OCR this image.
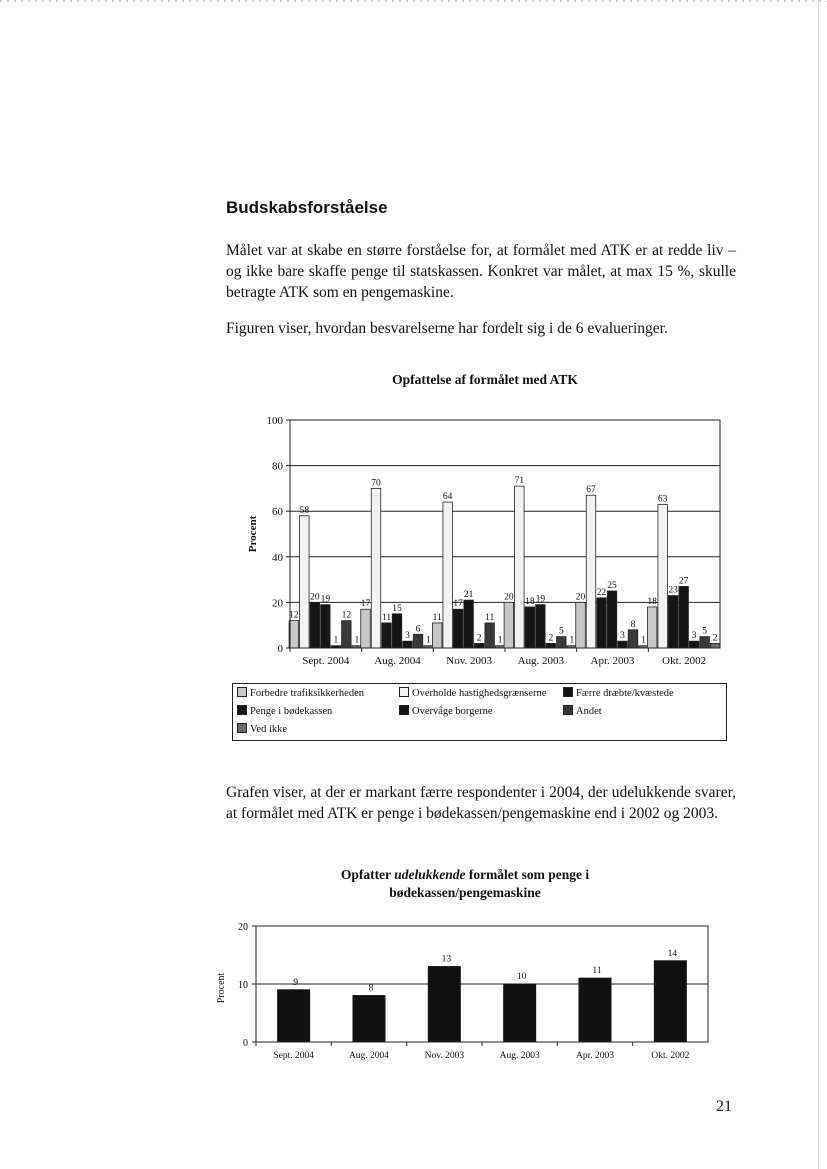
Budskabsforståelse
Målet var at skabe en større forståelse for, at formålet med ATK er at redde liv – og ikke bare skaffe penge til statskassen. Konkret var målet, at max 15 %, skulle betragte ATK som en pengemaskine.
Figuren viser, hvordan besvarelserne har fordelt sig i de 6 evalueringer.
Opfattelse af formålet med ATK
12
58
20 19
1
12
1
17
70
11
15
3
6
1
11
64
17
21
2
11
1
20
71
18 19
2
5
1
20
67
22
25
3
8
1
18
63
23
27
3 5
2
0
20
40
60
80
100
Sept. 2004 Aug. 2004 Nov. 2003 Aug. 2003 Apr. 2003	Okt. 2002
Procent
Forbedre trafiksikkerheden	Overholde hastighedsgrænserne	Færre dræbte/kvæstede
Penge i bødekassen	Overvåge borgerne	Andet
Ved ikke
Grafen viser, at der er markant færre respondenter i 2004, der udelukkende svarer, at formålet med ATK er penge i bødekassen/pengemaskine end i 2002 og 2003.
Opfatter udelukkende formålet som penge i bødekassen/pengemaskine
9
8
13
10
11
14
0
10
20
Sept. 2004	Aug. 2004	Nov. 2003	Aug. 2003	Apr. 2003	Okt. 2002
Procent
21
